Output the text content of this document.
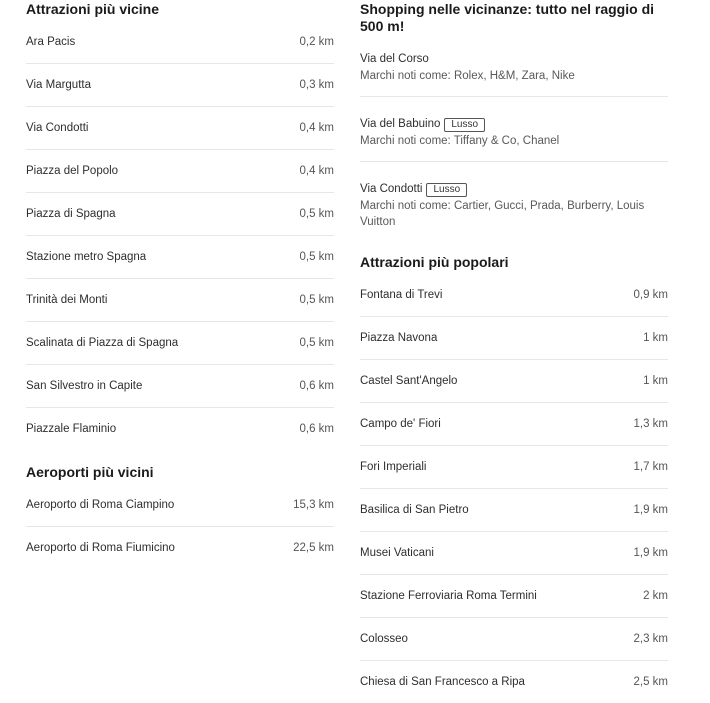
Attrazioni più vicine
Ara Pacis	0,2 km
Via Margutta	0,3 km
Via Condotti	0,4 km
Piazza del Popolo	0,4 km
Piazza di Spagna	0,5 km
Stazione metro Spagna	0,5 km
Trinità dei Monti	0,5 km
Scalinata di Piazza di Spagna	0,5 km
San Silvestro in Capite	0,6 km
Piazzale Flaminio	0,6 km
Aeroporti più vicini
Aeroporto di Roma Ciampino	15,3 km
Aeroporto di Roma Fiumicino	22,5 km
Shopping nelle vicinanze: tutto nel raggio di 500 m!
Via del Corso
Marchi noti come: Rolex, H&M, Zara, Nike
Via del Babuino	Lusso
Marchi noti come: Tiffany & Co, Chanel
Via Condotti	Lusso
Marchi noti come: Cartier, Gucci, Prada, Burberry, Louis Vuitton
Attrazioni più popolari
Fontana di Trevi	0,9 km
Piazza Navona	1 km
Castel Sant'Angelo	1 km
Campo de' Fiori	1,3 km
Fori Imperiali	1,7 km
Basilica di San Pietro	1,9 km
Musei Vaticani	1,9 km
Stazione Ferroviaria Roma Termini	2 km
Colosseo	2,3 km
Chiesa di San Francesco a Ripa	2,5 km
